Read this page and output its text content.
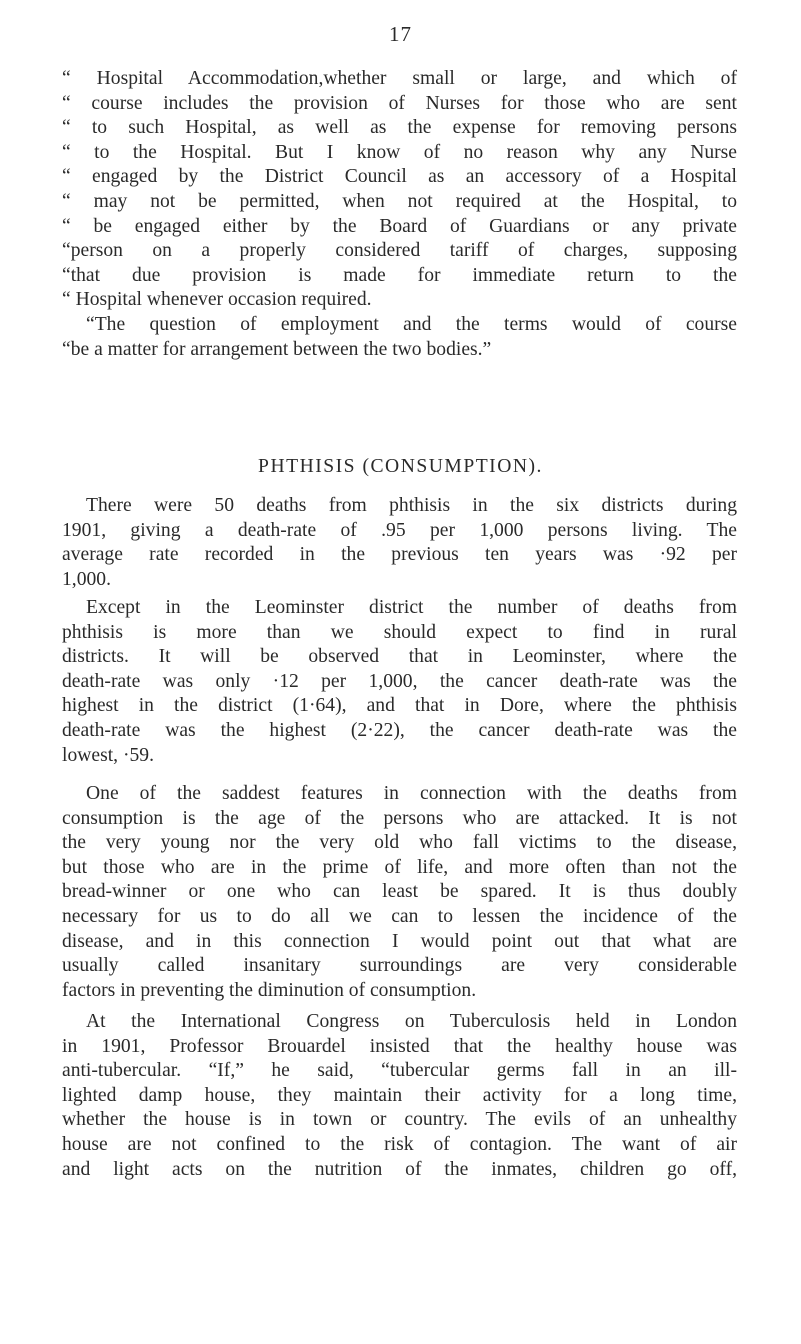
17
“ Hospital Accommodation,whether small or large, and which of
“ course includes the provision of Nurses for those who are sent
“ to such Hospital, as well as the expense for removing persons
“ to the Hospital. But I know of no reason why any Nurse
“ engaged by the District Council as an accessory of a Hospital
“ may not be permitted, when not required at the Hospital, to
“ be engaged either by the Board of Guardians or any private
“person on a properly considered tariff of charges, supposing
“that due provision is made for immediate return to the
“ Hospital whenever occasion required.
“The question of employment and the terms would of course
“be a matter for arrangement between the two bodies.”
PHTHISIS (CONSUMPTION).
There were 50 deaths from phthisis in the six districts during
1901, giving a death-rate of .95 per 1,000 persons living. The
average rate recorded in the previous ten years was ·92 per
1,000.
Except in the Leominster district the number of deaths from
phthisis is more than we should expect to find in rural
districts. It will be observed that in Leominster, where the
death-rate was only ·12 per 1,000, the cancer death-rate was the
highest in the district (1·64), and that in Dore, where the phthisis
death-rate was the highest (2·22), the cancer death-rate was the
lowest, ·59.
One of the saddest features in connection with the deaths from
consumption is the age of the persons who are attacked. It is not
the very young nor the very old who fall victims to the disease,
but those who are in the prime of life, and more often than not the
bread-winner or one who can least be spared. It is thus doubly
necessary for us to do all we can to lessen the incidence of the
disease, and in this connection I would point out that what are
usually called insanitary surroundings are very considerable
factors in preventing the diminution of consumption.
At the International Congress on Tuberculosis held in London
in 1901, Professor Brouardel insisted that the healthy house was
anti-tubercular. “If,” he said, “tubercular germs fall in an ill-
lighted damp house, they maintain their activity for a long time,
whether the house is in town or country. The evils of an unhealthy
house are not confined to the risk of contagion. The want of air
and light acts on the nutrition of the inmates, children go off,
